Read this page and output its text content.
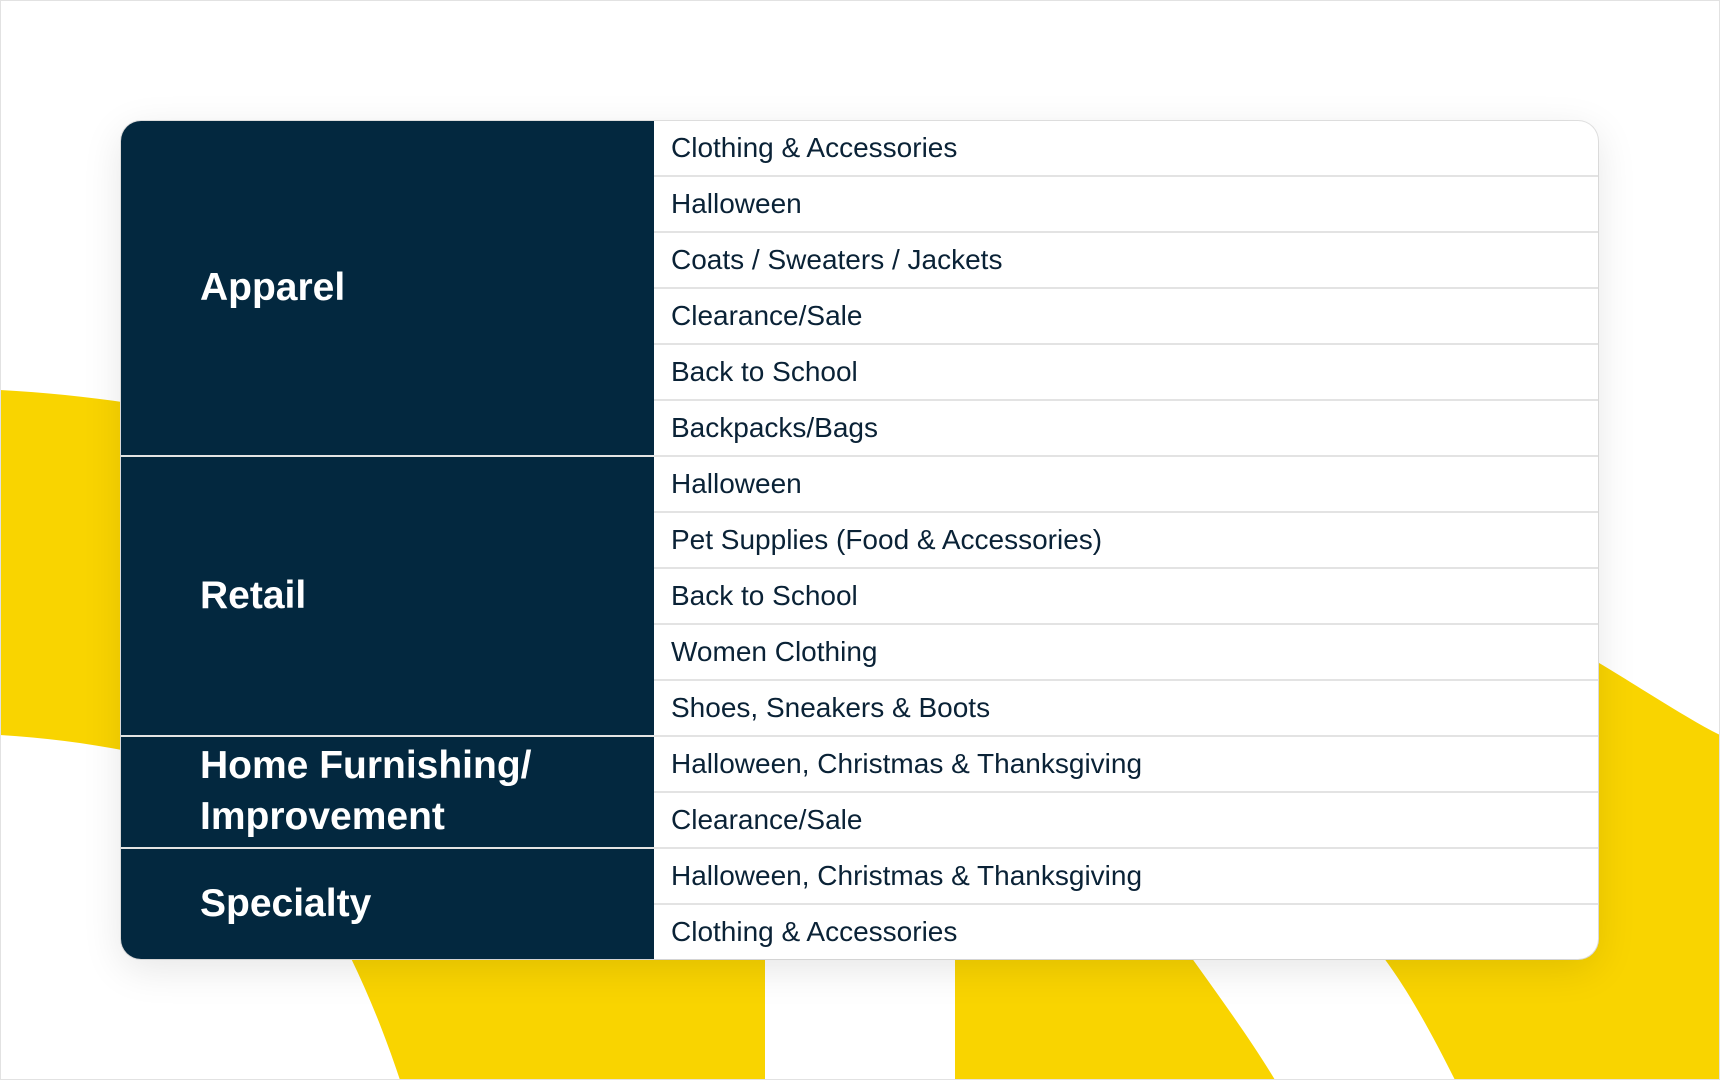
Apparel
Clothing & Accessories
Halloween
Coats / Sweaters / Jackets
Clearance/Sale
Back to School
Backpacks/Bags
Retail
Halloween
Pet Supplies (Food & Accessories)
Back to School
Women Clothing
Shoes, Sneakers & Boots
Home Furnishing/ Improvement
Halloween, Christmas & Thanksgiving
Clearance/Sale
Specialty
Halloween, Christmas & Thanksgiving
Clothing & Accessories
